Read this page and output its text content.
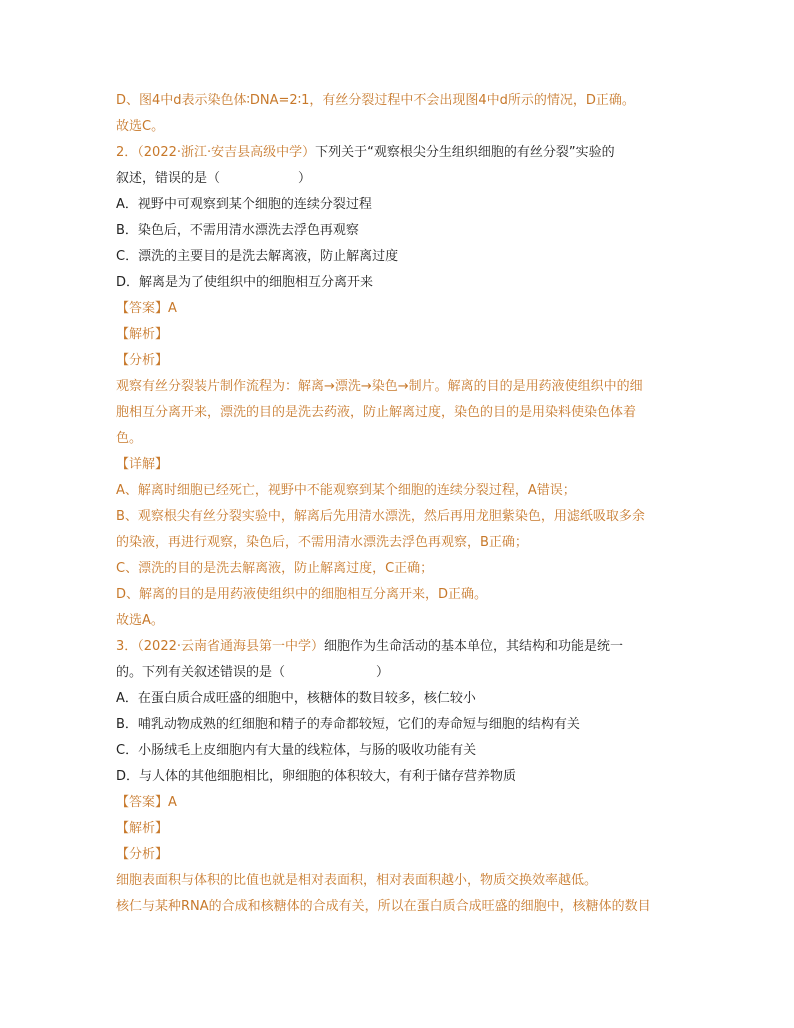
D、图4中d表示染色体∶DNA=2∶1，有丝分裂过程中不会出现图4中d所示的情况，D正确。
故选C。
2．（2022·浙江·安吉县高级中学）下列关于“观察根尖分生组织细胞的有丝分裂”实验的
叙述，错误的是（　　　　　　）
A．视野中可观察到某个细胞的连续分裂过程
B．染色后，不需用清水漂洗去浮色再观察
C．漂洗的主要目的是洗去解离液，防止解离过度
D．解离是为了使组织中的细胞相互分离开来
【答案】A
【解析】
【分析】
观察有丝分裂装片制作流程为：解离→漂洗→染色→制片。解离的目的是用药液使组织中的细
胞相互分离开来，漂洗的目的是洗去药液，防止解离过度，染色的目的是用染料使染色体着
色。
【详解】
A、解离时细胞已经死亡，视野中不能观察到某个细胞的连续分裂过程，A错误；
B、观察根尖有丝分裂实验中，解离后先用清水漂洗，然后再用龙胆紫染色，用滤纸吸取多余
的染液，再进行观察，染色后，不需用清水漂洗去浮色再观察，B正确；
C、漂洗的目的是洗去解离液，防止解离过度，C正确；
D、解离的目的是用药液使组织中的细胞相互分离开来，D正确。
故选A。
3．（2022·云南省通海县第一中学）细胞作为生命活动的基本单位，其结构和功能是统一
的。下列有关叙述错误的是（　　　　　　　）
A．在蛋白质合成旺盛的细胞中，核糖体的数目较多，核仁较小
B．哺乳动物成熟的红细胞和精子的寿命都较短，它们的寿命短与细胞的结构有关
C．小肠绒毛上皮细胞内有大量的线粒体，与肠的吸收功能有关
D．与人体的其他细胞相比，卵细胞的体积较大，有利于储存营养物质
【答案】A
【解析】
【分析】
细胞表面积与体积的比值也就是相对表面积，相对表面积越小，物质交换效率越低。
核仁与某种RNA的合成和核糖体的合成有关，所以在蛋白质合成旺盛的细胞中，核糖体的数目
